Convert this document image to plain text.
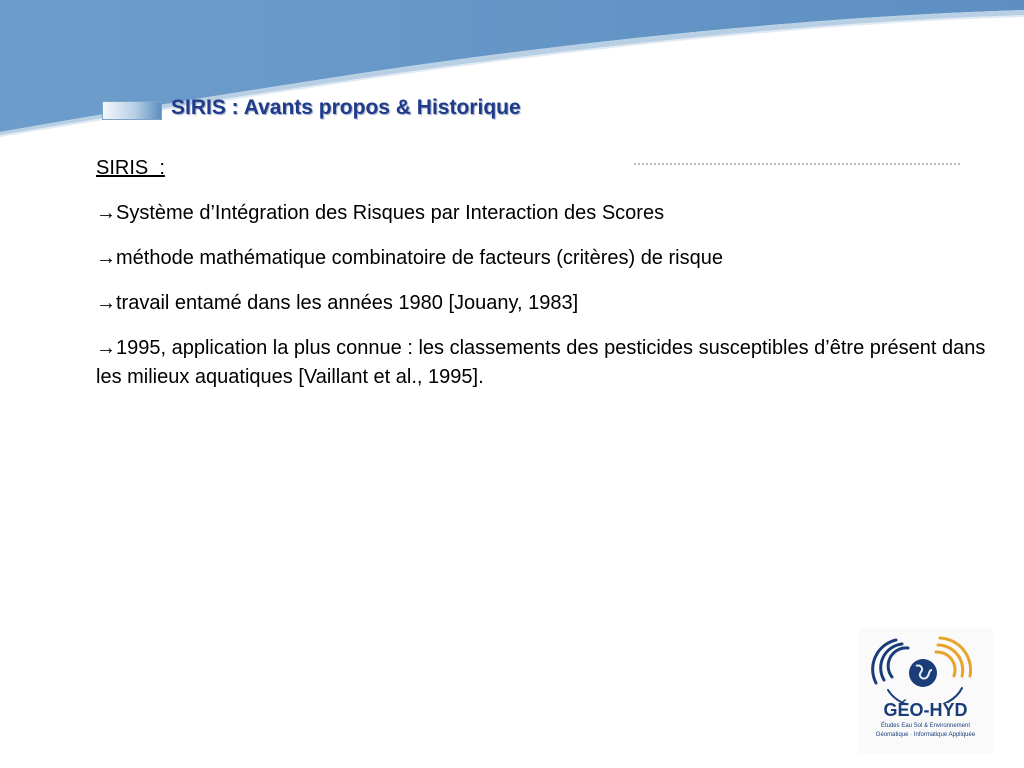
SIRIS : Avants propos & Historique
SIRIS  :
→Système d’Intégration des Risques par Interaction des Scores
→méthode mathématique combinatoire de facteurs (critères) de risque
→travail entamé dans les années 1980 [Jouany, 1983]
→1995, application la plus connue : les classements des pesticides susceptibles d’être présent dans les milieux aquatiques [Vaillant et al., 1995].
GÉO-HYD
Études Eau Sol & Environnement
Géomatique · Informatique Appliquée
